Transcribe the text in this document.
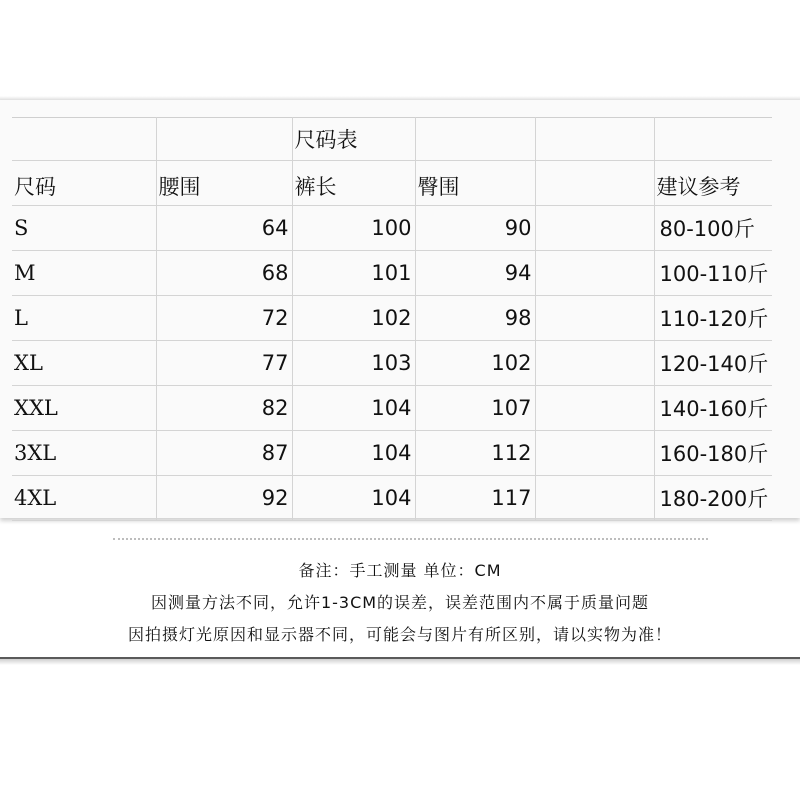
		尺码表			
尺码	腰围	裤长	臀围		建议参考
S	64	100	90		80-100斤
M	68	101	94		100-110斤
L	72	102	98		110-120斤
XL	77	103	102		120-140斤
XXL	82	104	107		140-160斤
3XL	87	104	112		160-180斤
4XL	92	104	117		180-200斤
备注：手工测量 单位：CM
因测量方法不同，允许1-3CM的误差，误差范围内不属于质量问题
因拍摄灯光原因和显示器不同，可能会与图片有所区别，请以实物为准！
